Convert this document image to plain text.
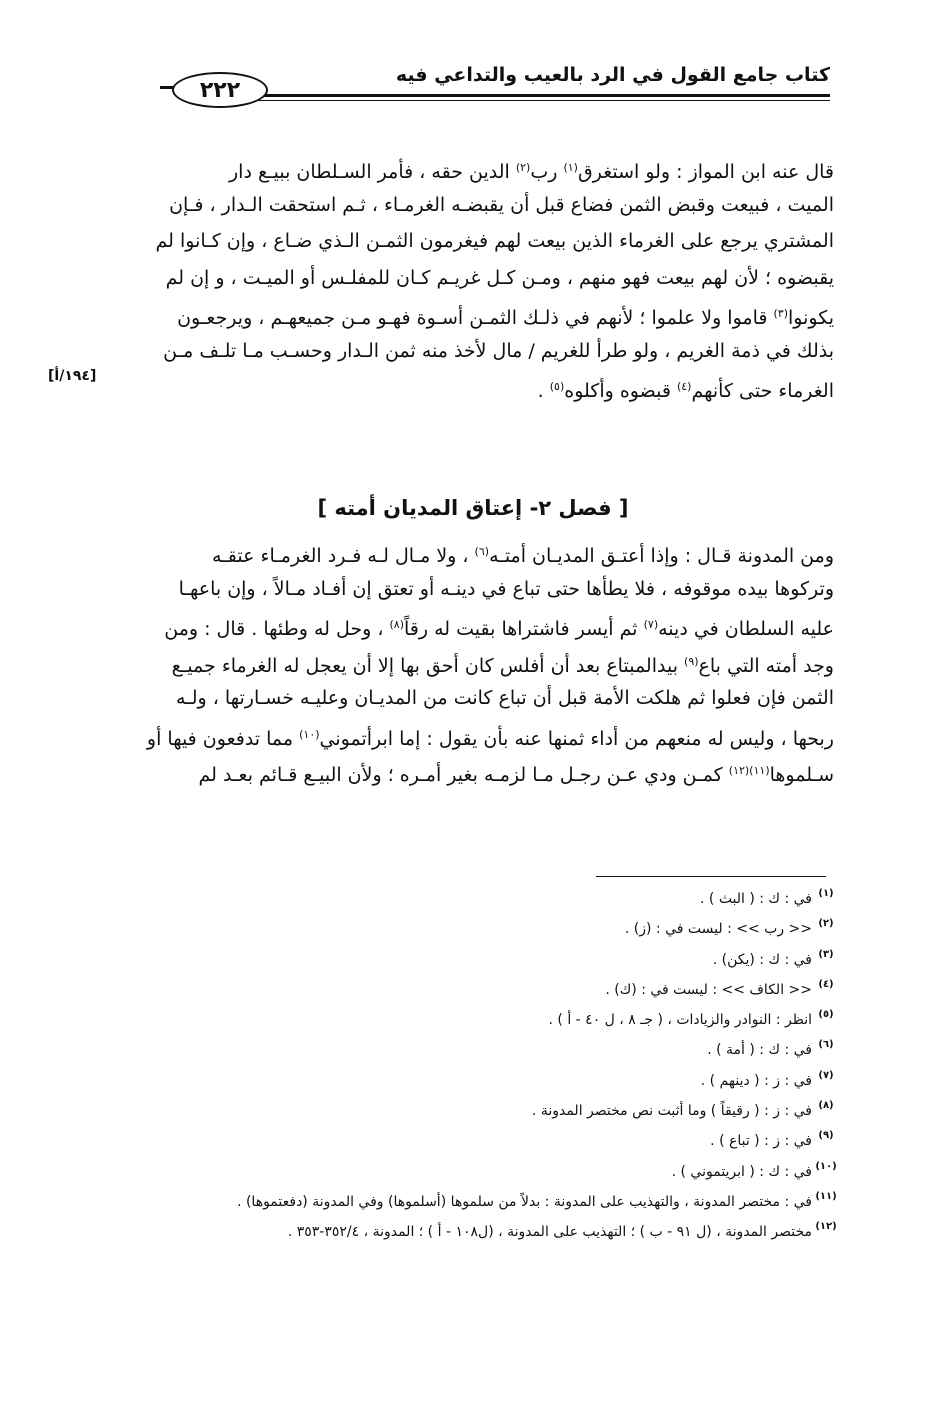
كتاب جامع القول في الرد بالعيب والتداعي فيه
٢٢٢
قال عنه ابن المواز : ولو استغرق$^{(١)}$ رب$^{(٢)}$ الدين حقه ، فأمر السـلطان ببيـع دار
الميت ، فبيعت وقبض الثمن فضاع قبل أن يقبضـه الغرمـاء ، ثـم استحقت الـدار ، فـإن
المشتري يرجع على الغرماء الذين بيعت لهم فيغرمون الثمـن الـذي ضـاع ، وإن كـانوا لم
يقبضوه ؛ لأن لهم بيعت فهو منهم ، ومـن كـل غريـم كـان للمفلـس أو الميـت ، و إن لم
يكونوا$^{(٣)}$ قاموا ولا علموا ؛ لأنهم في ذلـك الثمـن أسـوة فهـو مـن جميعهـم ، ويرجعـون
بذلك في ذمة الغريم ، ولو طرأ للغريم / مال لأخذ منه ثمن الـدار وحسـب مـا تلـف مـن
الغرماء حتى كأنهم$^{(٤)}$ قبضوه وأكلوه$^{(٥)}$ .
[١٩٤/أ]
[ فصل ٢- إعتاق المديان أمته ]
ومن المدونة قـال : وإذا أعتـق المديـان أمتـه$^{(٦)}$ ، ولا مـال لـه فـرد الغرمـاء عتقـه
وتركوها بيده موقوفه ، فلا يطأها حتى تباع في دينـه أو تعتق إن أفـاد مـالاً ، وإن باعهـا
عليه السلطان في دينه$^{(٧)}$ ثم أيسر فاشتراها بقيت له رقاً$^{(٨)}$ ، وحل له وطئها . قال : ومن
وجد أمته التي باع$^{(٩)}$ بيدالمبتاع بعد أن أفلس كان أحق بها إلا أن يعجل له الغرماء جميـع
الثمن فإن فعلوا ثم هلكت الأمة قبل أن تباع كانت من المديـان وعليـه خسـارتها ، ولـه
ربحها ، وليس له منعهم من أداء ثمنها عنه بأن يقول : إما ابرأتموني$^{(١٠)}$ مما تدفعون فيها أو
سـلموها$^{(١١)(١٢)}$ كمـن ودي عـن رجـل مـا لزمـه بغير أمـره ؛ ولأن البيـع قـائم بعـد لم
(١)
في : ك : ( البث ) .
(٢)
<< رب >> : ليست في : (ز) .
(٣)
في : ك : (يكن) .
(٤)
<< الكاف >> : ليست في : (ك) .
(٥)
انظر : النوادر والزيادات ، ( جـ ٨ ، ل ٤٠ - أ ) .
(٦)
في : ك : ( أمة ) .
(٧)
في : ز : ( دينهم ) .
(٨)
في : ز : ( رقيقاً ) وما أثبت نص مختصر المدونة .
(٩)
في : ز : ( تباع ) .
(١٠)
في : ك : ( ابريتموني ) .
(١١)
في : مختصر المدونة ، والتهذيب على المدونة : بدلاً من سلموها (أسلموها) وفي المدونة (دفعتموها) .
(١٢)
مختصر المدونة ، (ل ٩١ - ب ) ؛ التهذيب على المدونة ، (ل١٠٨ - أ ) ؛ المدونة ، ٣٥٢/٤-٣٥٣ .
